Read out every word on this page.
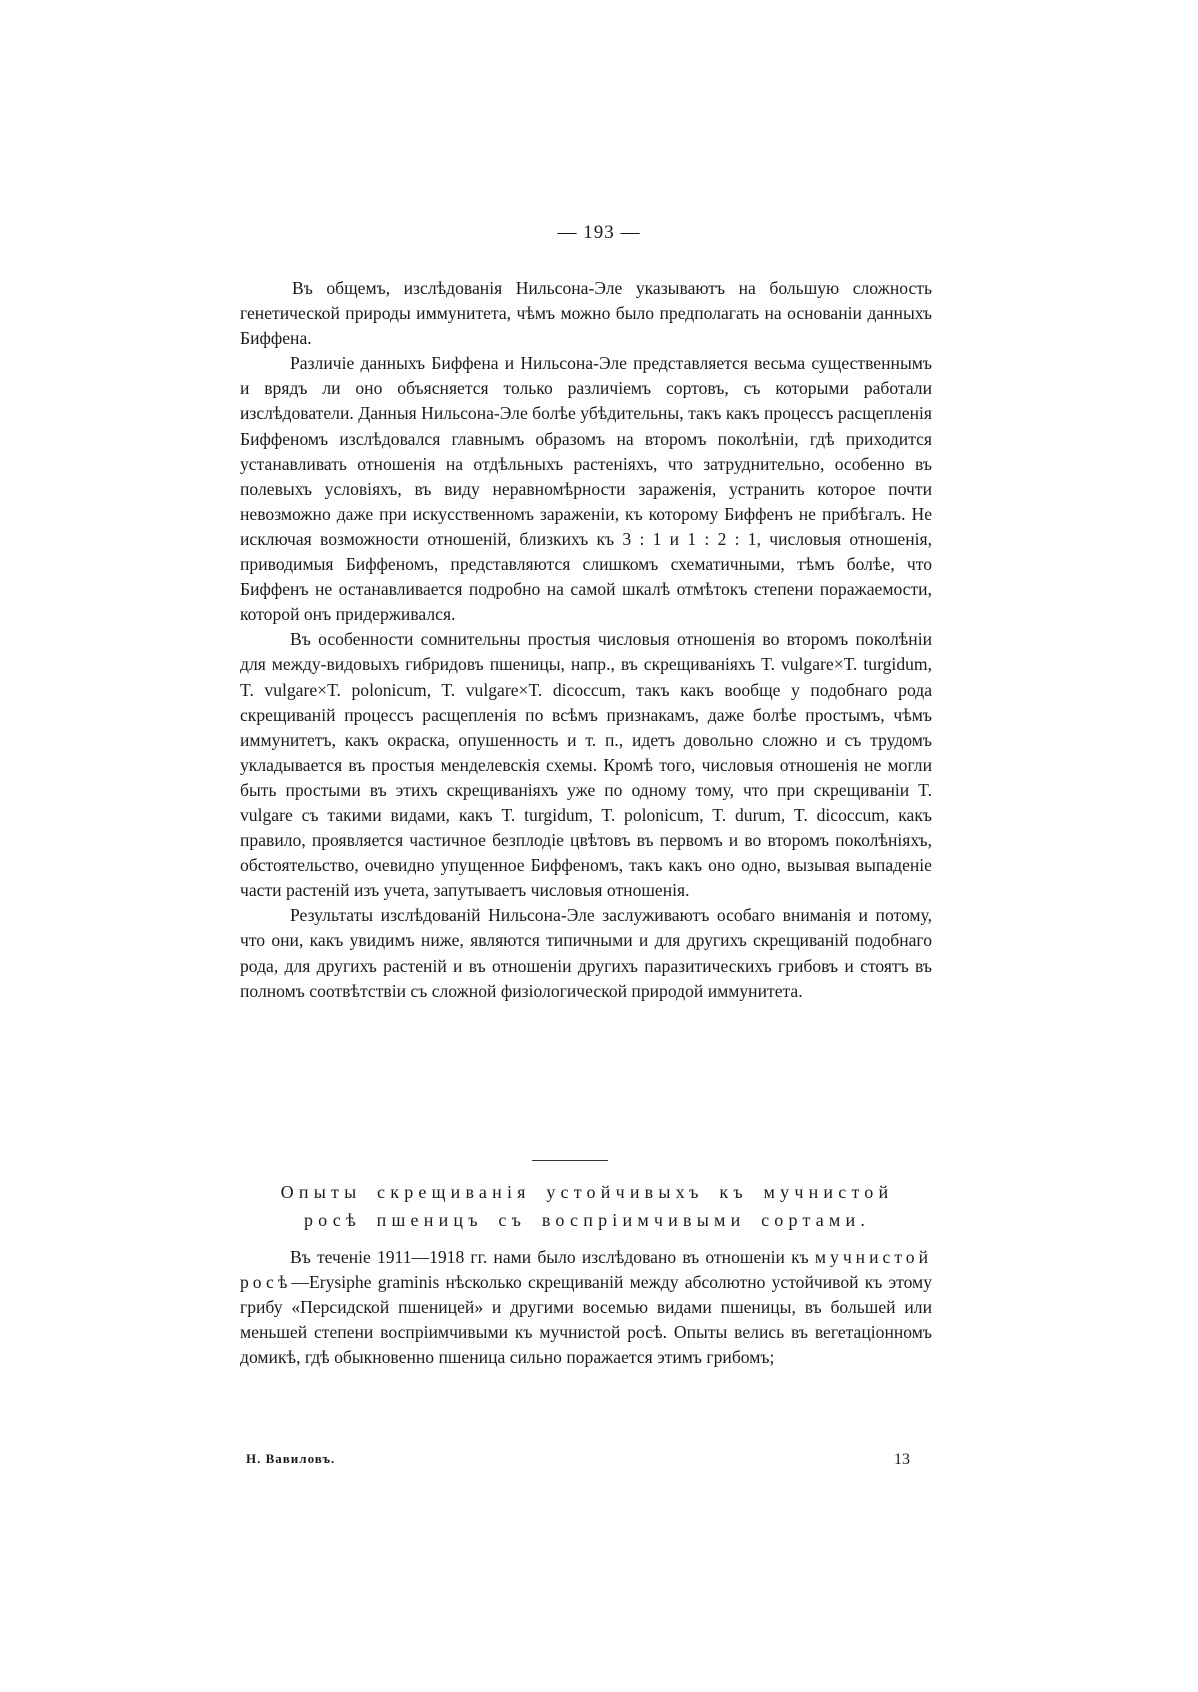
— 193 —

Въ общемъ, изслѣдованія Нильсона-Эле указываютъ на большую сложность генетической природы иммунитета, чѣмъ можно было предполагать на основаніи данныхъ Биффена.

Различіе данныхъ Биффена и Нильсона-Эле представляется весьма существеннымъ и врядъ ли оно объясняется только различіемъ сортовъ, съ которыми работали изслѣдователи. Данныя Нильсона-Эле болѣе убѣдительны, такъ какъ процессъ расщепленія Биффеномъ изслѣдовался главнымъ образомъ на второмъ поколѣніи, гдѣ приходится устанавливать отношенія на отдѣльныхъ растеніяхъ, что затруднительно, особенно въ полевыхъ условіяхъ, въ виду неравномѣрности зараженія, устранить которое почти невозможно даже при искусственномъ зараженіи, къ которому Биффенъ не прибѣгалъ. Не исключая возможности отношеній, близкихъ къ 3 : 1 и 1 : 2 : 1, числовыя отношенія, приводимыя Биффеномъ, представляются слишкомъ схематичными, тѣмъ болѣе, что Биффенъ не останавливается подробно на самой шкалѣ отмѣтокъ степени поражаемости, которой онъ придерживался.

Въ особенности сомнительны простыя числовыя отношенія во второмъ поколѣніи для между-видовыхъ гибридовъ пшеницы, напр., въ скрещиваніяхъ T. vulgare×T. turgidum, T. vulgare×T. polonicum, T. vulgare×T. dicoccum, такъ какъ вообще у подобнаго рода скрещиваній процессъ расщепленія по всѣмъ признакамъ, даже болѣе простымъ, чѣмъ иммунитетъ, какъ окраска, опушенность и т. п., идетъ довольно сложно и съ трудомъ укладывается въ простыя менделевскія схемы. Кромѣ того, числовыя отношенія не могли быть простыми въ этихъ скрещиваніяхъ уже по одному тому, что при скрещиваніи T. vulgare съ такими видами, какъ T. turgidum, T. polonicum, T. durum, T. dicoccum, какъ правило, проявляется частичное безплодіе цвѣтовъ въ первомъ и во второмъ поколѣніяхъ, обстоятельство, очевидно упущенное Биффеномъ, такъ какъ оно одно, вызывая выпаденіе части растеній изъ учета, запутываетъ числовыя отношенія.

Результаты изслѣдованій Нильсона-Эле заслуживаютъ особаго вниманія и потому, что они, какъ увидимъ ниже, являются типичными и для другихъ скрещиваній подобнаго рода, для другихъ растеній и въ отношеніи другихъ паразитическихъ грибовъ и стоятъ въ полномъ соотвѣтствіи съ сложной физіологической природой иммунитета.

Опыты скрещиванія устойчивыхъ къ мучнистой
росѣ пшеницъ съ воспріимчивыми сортами.

Въ теченіе 1911—1918 гг. нами было изслѣдовано въ отношеніи къ мучнистой росѣ—Erysiphe graminis нѣсколько скрещиваній между абсолютно устойчивой къ этому грибу «Персидской пшеницей» и другими восемью видами пшеницы, въ большей или меньшей степени воспріимчивыми къ мучнистой росѣ. Опыты велись въ вегетаціонномъ домикѣ, гдѣ обыкновенно пшеница сильно поражается этимъ грибомъ;

Н. Вавиловъ.	13
